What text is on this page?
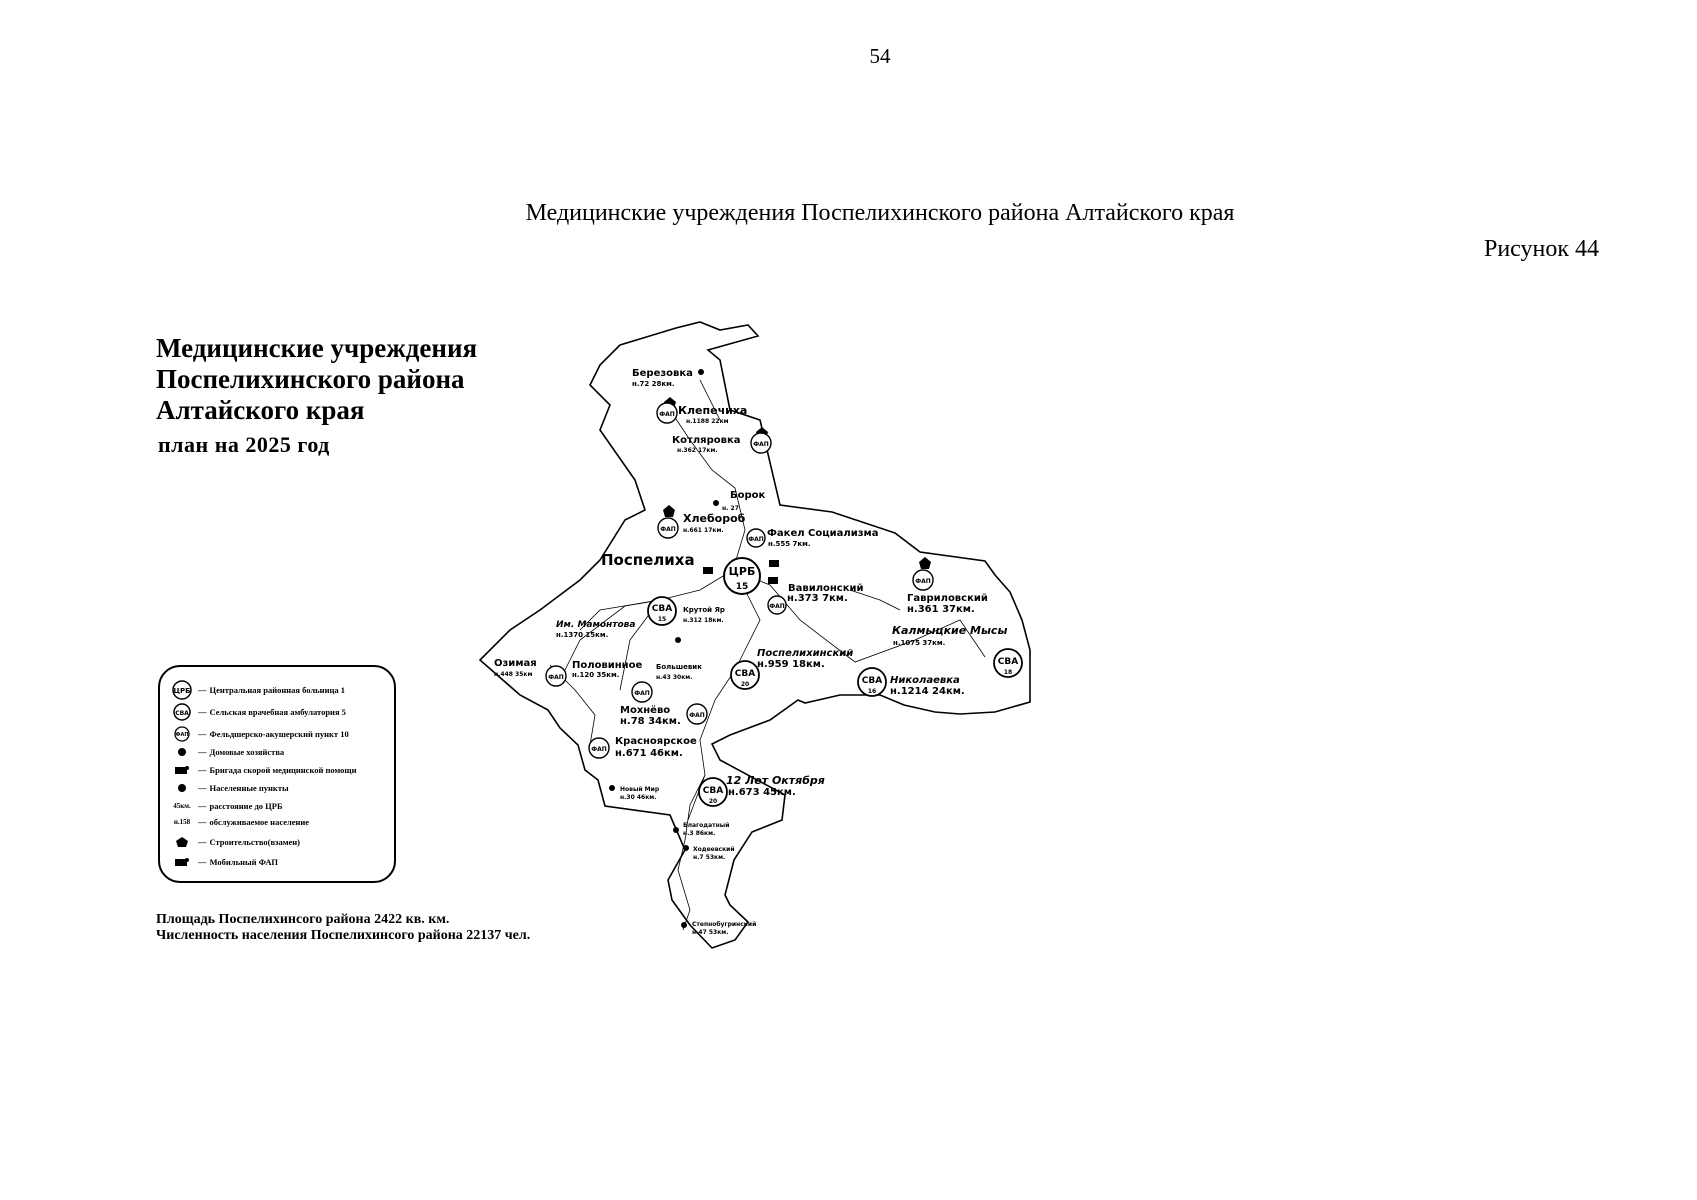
54
Медицинские учреждения Поспелихинского района Алтайского края
Рисунок 44
Медицинские учреждения
Поспелихинского района
Алтайского края
план на 2025 год
ЦРБ
15
СВА
15
СВА
20	СВА
16
СВА
18
СВА
20
ФАП
ФАП
ФАП
ФАП
ФАП
ФАП
ФАП
ФАП
ФАП
ФАП
Березовка
н.72 28км.
Клепечиха
н.1188 22км
Котляровка
н.362 17км.
Борок
н. 27
Хлебороб
н.661 17км.	Факел Социализма
н.555 7км.
Поспелиха
Вавилонский
н.373 7км.	Гавриловский
н.361 37км.
Калмыцкие Мысы
н.1075 37км.
Им. Мамонтова
н.1370 15км.
Крутой Яр
н.312 18км.
Поспелихинский
н.959 18км.
Николаевка
н.1214 24км.
Озимая
н.448 35км
Половинное
н.120 35км.
Большевик
н.43 30км.
Мохнёво
н.78 34км.
Красноярское
н.671 46км.
12 Лет Октября
н.673 45км.
Новый Мир
н.30 46км.
Благодатный
н.3 86км.
Ходеевский
н.7 53км.
Степнобугринский
н.47 53км.
ЦРБ — Центральная районная больница 1
СВА — Сельская врачебная амбулатория 5
ФАП — Фельдшерско-акушерский пункт 10
— Домовые хозяйства
— Бригада скорой медицинской помощи
— Населенные пункты
45км. — расстояние до ЦРБ
н.158 — обслуживаемое население
— Строительство(взамен)
— Мобильный ФАП
Площадь Поспелихинсого района 2422 кв. км.
Численность населения Поспелихинсого района 22137 чел.
